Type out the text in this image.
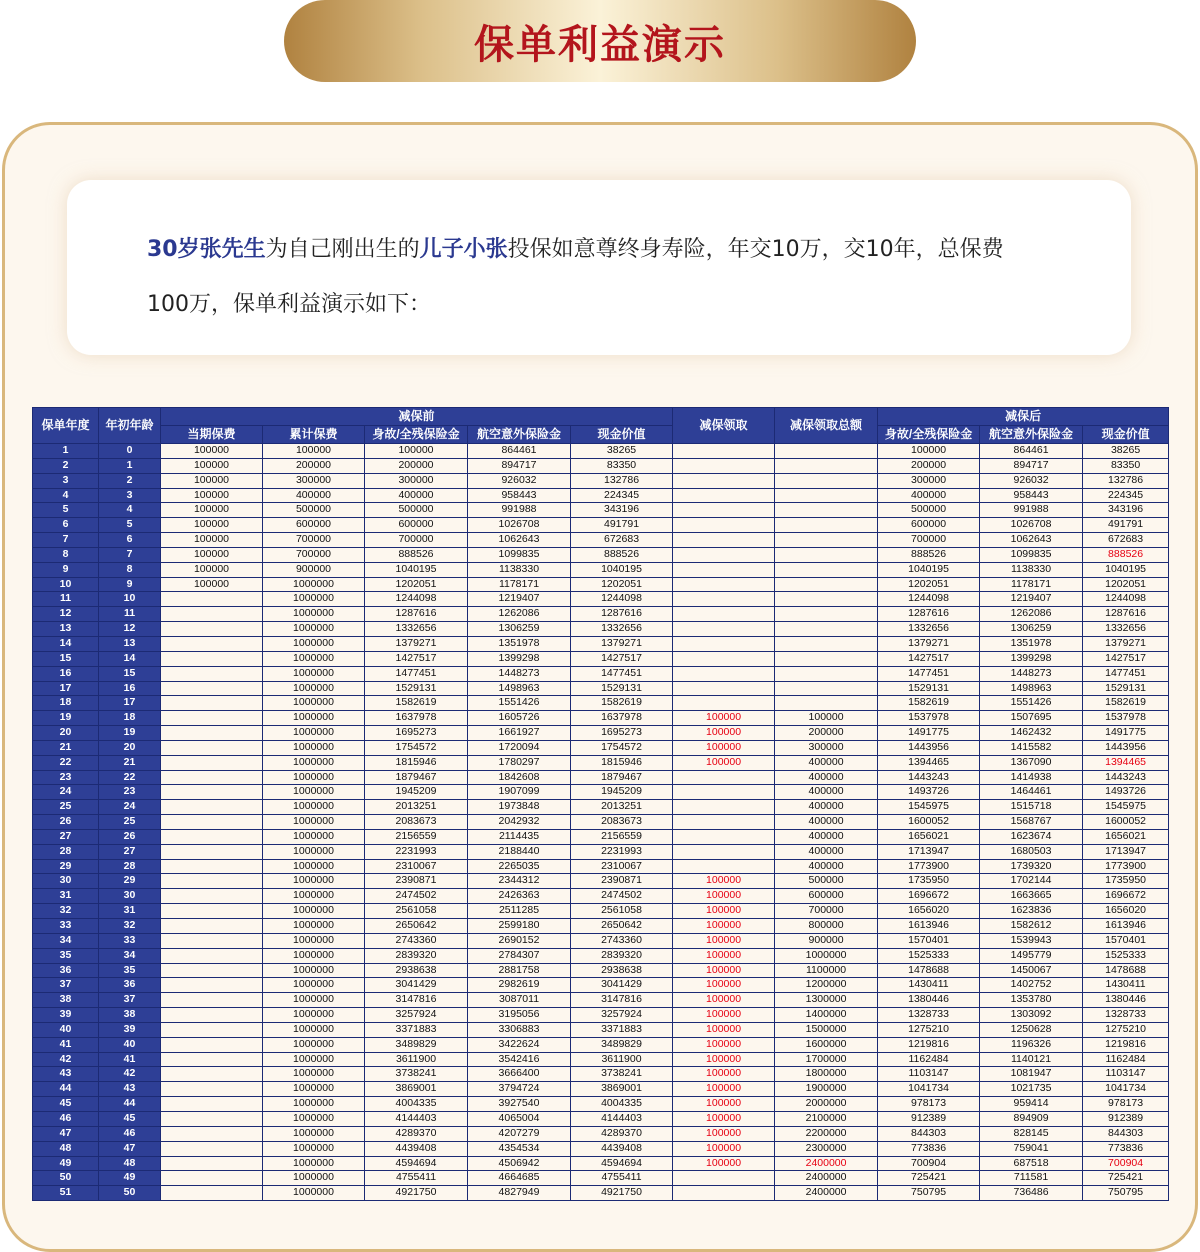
保单利益演示

30岁张先生为自己刚出生的儿子小张投保如意尊终身寿险，年交10万，交10年，总保费

100万，保单利益演示如下：

保单年度	年初年龄	减保前					减保领取	减保领取总额	减保后		
		当期保费	累计保费	身故/全残保险金	航空意外保险金	现金价值			身故/全残保险金	航空意外保险金	现金价值
1	0	100000	100000	100000	864461	38265			100000	864461	38265
2	1	100000	200000	200000	894717	83350			200000	894717	83350
3	2	100000	300000	300000	926032	132786			300000	926032	132786
4	3	100000	400000	400000	958443	224345			400000	958443	224345
5	4	100000	500000	500000	991988	343196			500000	991988	343196
6	5	100000	600000	600000	1026708	491791			600000	1026708	491791
7	6	100000	700000	700000	1062643	672683			700000	1062643	672683
8	7	100000	700000	888526	1099835	888526			888526	1099835	888526
9	8	100000	900000	1040195	1138330	1040195			1040195	1138330	1040195
10	9	100000	1000000	1202051	1178171	1202051			1202051	1178171	1202051
11	10		1000000	1244098	1219407	1244098			1244098	1219407	1244098
12	11		1000000	1287616	1262086	1287616			1287616	1262086	1287616
13	12		1000000	1332656	1306259	1332656			1332656	1306259	1332656
14	13		1000000	1379271	1351978	1379271			1379271	1351978	1379271
15	14		1000000	1427517	1399298	1427517			1427517	1399298	1427517
16	15		1000000	1477451	1448273	1477451			1477451	1448273	1477451
17	16		1000000	1529131	1498963	1529131			1529131	1498963	1529131
18	17		1000000	1582619	1551426	1582619			1582619	1551426	1582619
19	18		1000000	1637978	1605726	1637978	100000	100000	1537978	1507695	1537978
20	19		1000000	1695273	1661927	1695273	100000	200000	1491775	1462432	1491775
21	20		1000000	1754572	1720094	1754572	100000	300000	1443956	1415582	1443956
22	21		1000000	1815946	1780297	1815946	100000	400000	1394465	1367090	1394465
23	22		1000000	1879467	1842608	1879467		400000	1443243	1414938	1443243
24	23		1000000	1945209	1907099	1945209		400000	1493726	1464461	1493726
25	24		1000000	2013251	1973848	2013251		400000	1545975	1515718	1545975
26	25		1000000	2083673	2042932	2083673		400000	1600052	1568767	1600052
27	26		1000000	2156559	2114435	2156559		400000	1656021	1623674	1656021
28	27		1000000	2231993	2188440	2231993		400000	1713947	1680503	1713947
29	28		1000000	2310067	2265035	2310067		400000	1773900	1739320	1773900
30	29		1000000	2390871	2344312	2390871	100000	500000	1735950	1702144	1735950
31	30		1000000	2474502	2426363	2474502	100000	600000	1696672	1663665	1696672
32	31		1000000	2561058	2511285	2561058	100000	700000	1656020	1623836	1656020
33	32		1000000	2650642	2599180	2650642	100000	800000	1613946	1582612	1613946
34	33		1000000	2743360	2690152	2743360	100000	900000	1570401	1539943	1570401
35	34		1000000	2839320	2784307	2839320	100000	1000000	1525333	1495779	1525333
36	35		1000000	2938638	2881758	2938638	100000	1100000	1478688	1450067	1478688
37	36		1000000	3041429	2982619	3041429	100000	1200000	1430411	1402752	1430411
38	37		1000000	3147816	3087011	3147816	100000	1300000	1380446	1353780	1380446
39	38		1000000	3257924	3195056	3257924	100000	1400000	1328733	1303092	1328733
40	39		1000000	3371883	3306883	3371883	100000	1500000	1275210	1250628	1275210
41	40		1000000	3489829	3422624	3489829	100000	1600000	1219816	1196326	1219816
42	41		1000000	3611900	3542416	3611900	100000	1700000	1162484	1140121	1162484
43	42		1000000	3738241	3666400	3738241	100000	1800000	1103147	1081947	1103147
44	43		1000000	3869001	3794724	3869001	100000	1900000	1041734	1021735	1041734
45	44		1000000	4004335	3927540	4004335	100000	2000000	978173	959414	978173
46	45		1000000	4144403	4065004	4144403	100000	2100000	912389	894909	912389
47	46		1000000	4289370	4207279	4289370	100000	2200000	844303	828145	844303
48	47		1000000	4439408	4354534	4439408	100000	2300000	773836	759041	773836
49	48		1000000	4594694	4506942	4594694	100000	2400000	700904	687518	700904
50	49		1000000	4755411	4664685	4755411		2400000	725421	711581	725421
51	50		1000000	4921750	4827949	4921750		2400000	750795	736486	750795
